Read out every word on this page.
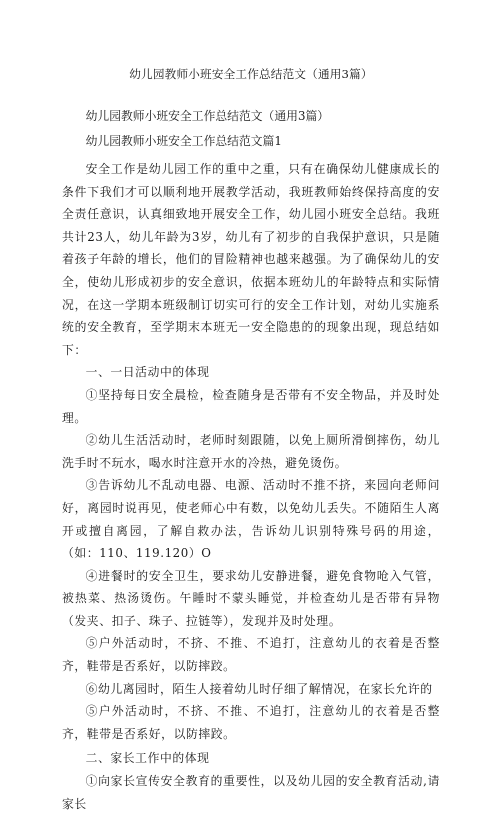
幼儿园教师小班安全工作总结范文（通用3篇）
幼儿园教师小班安全工作总结范文（通用3篇）
幼儿园教师小班安全工作总结范文篇1

安全工作是幼儿园工作的重中之重，只有在确保幼儿健康成长的条件下我们才可以顺利地开展教学活动，我班教师始终保持高度的安全责任意识，认真细致地开展安全工作，幼儿园小班安全总结。我班共计23人，幼儿年龄为3岁，幼儿有了初步的自我保护意识，只是随着孩子年龄的增长，他们的冒险精神也越来越强。为了确保幼儿的安全，使幼儿形成初步的安全意识，依据本班幼儿的年龄特点和实际情况，在这一学期本班级制订切实可行的安全工作计划，对幼儿实施系统的安全教育，至学期末本班无一安全隐患的的现象出现，现总结如下：

一、一日活动中的体现

①坚持每日安全晨检，检查随身是否带有不安全物品，并及时处理。

②幼儿生活活动时，老师时刻跟随，以免上厕所滑倒摔伤，幼儿洗手时不玩水，喝水时注意开水的冷热，避免烫伤。

③告诉幼儿不乱动电器、电源、活动时不推不挤，来园向老师问好，离园时说再见，使老师心中有数，以免幼儿丢失。不随陌生人离开或擅自离园，了解自救办法，告诉幼儿识别特殊号码的用途，（如：110、119.120）O

④进餐时的安全卫生，要求幼儿安静进餐，避免食物呛入气管，被热菜、热汤烫伤。午睡时不蒙头睡觉，并检查幼儿是否带有异物（发夹、扣子、珠子、拉链等），发现并及时处理。

⑤户外活动时，不挤、不推、不追打，注意幼儿的衣着是否整齐，鞋带是否系好，以防摔跤。

⑥幼儿离园时，陌生人接着幼儿时仔细了解情况，在家长允许的

⑤户外活动时，不挤、不推、不追打，注意幼儿的衣着是否整齐，鞋带是否系好，以防摔跤。

二、家长工作中的体现

①向家长宣传安全教育的重要性，以及幼儿园的安全教育活动,请家长
